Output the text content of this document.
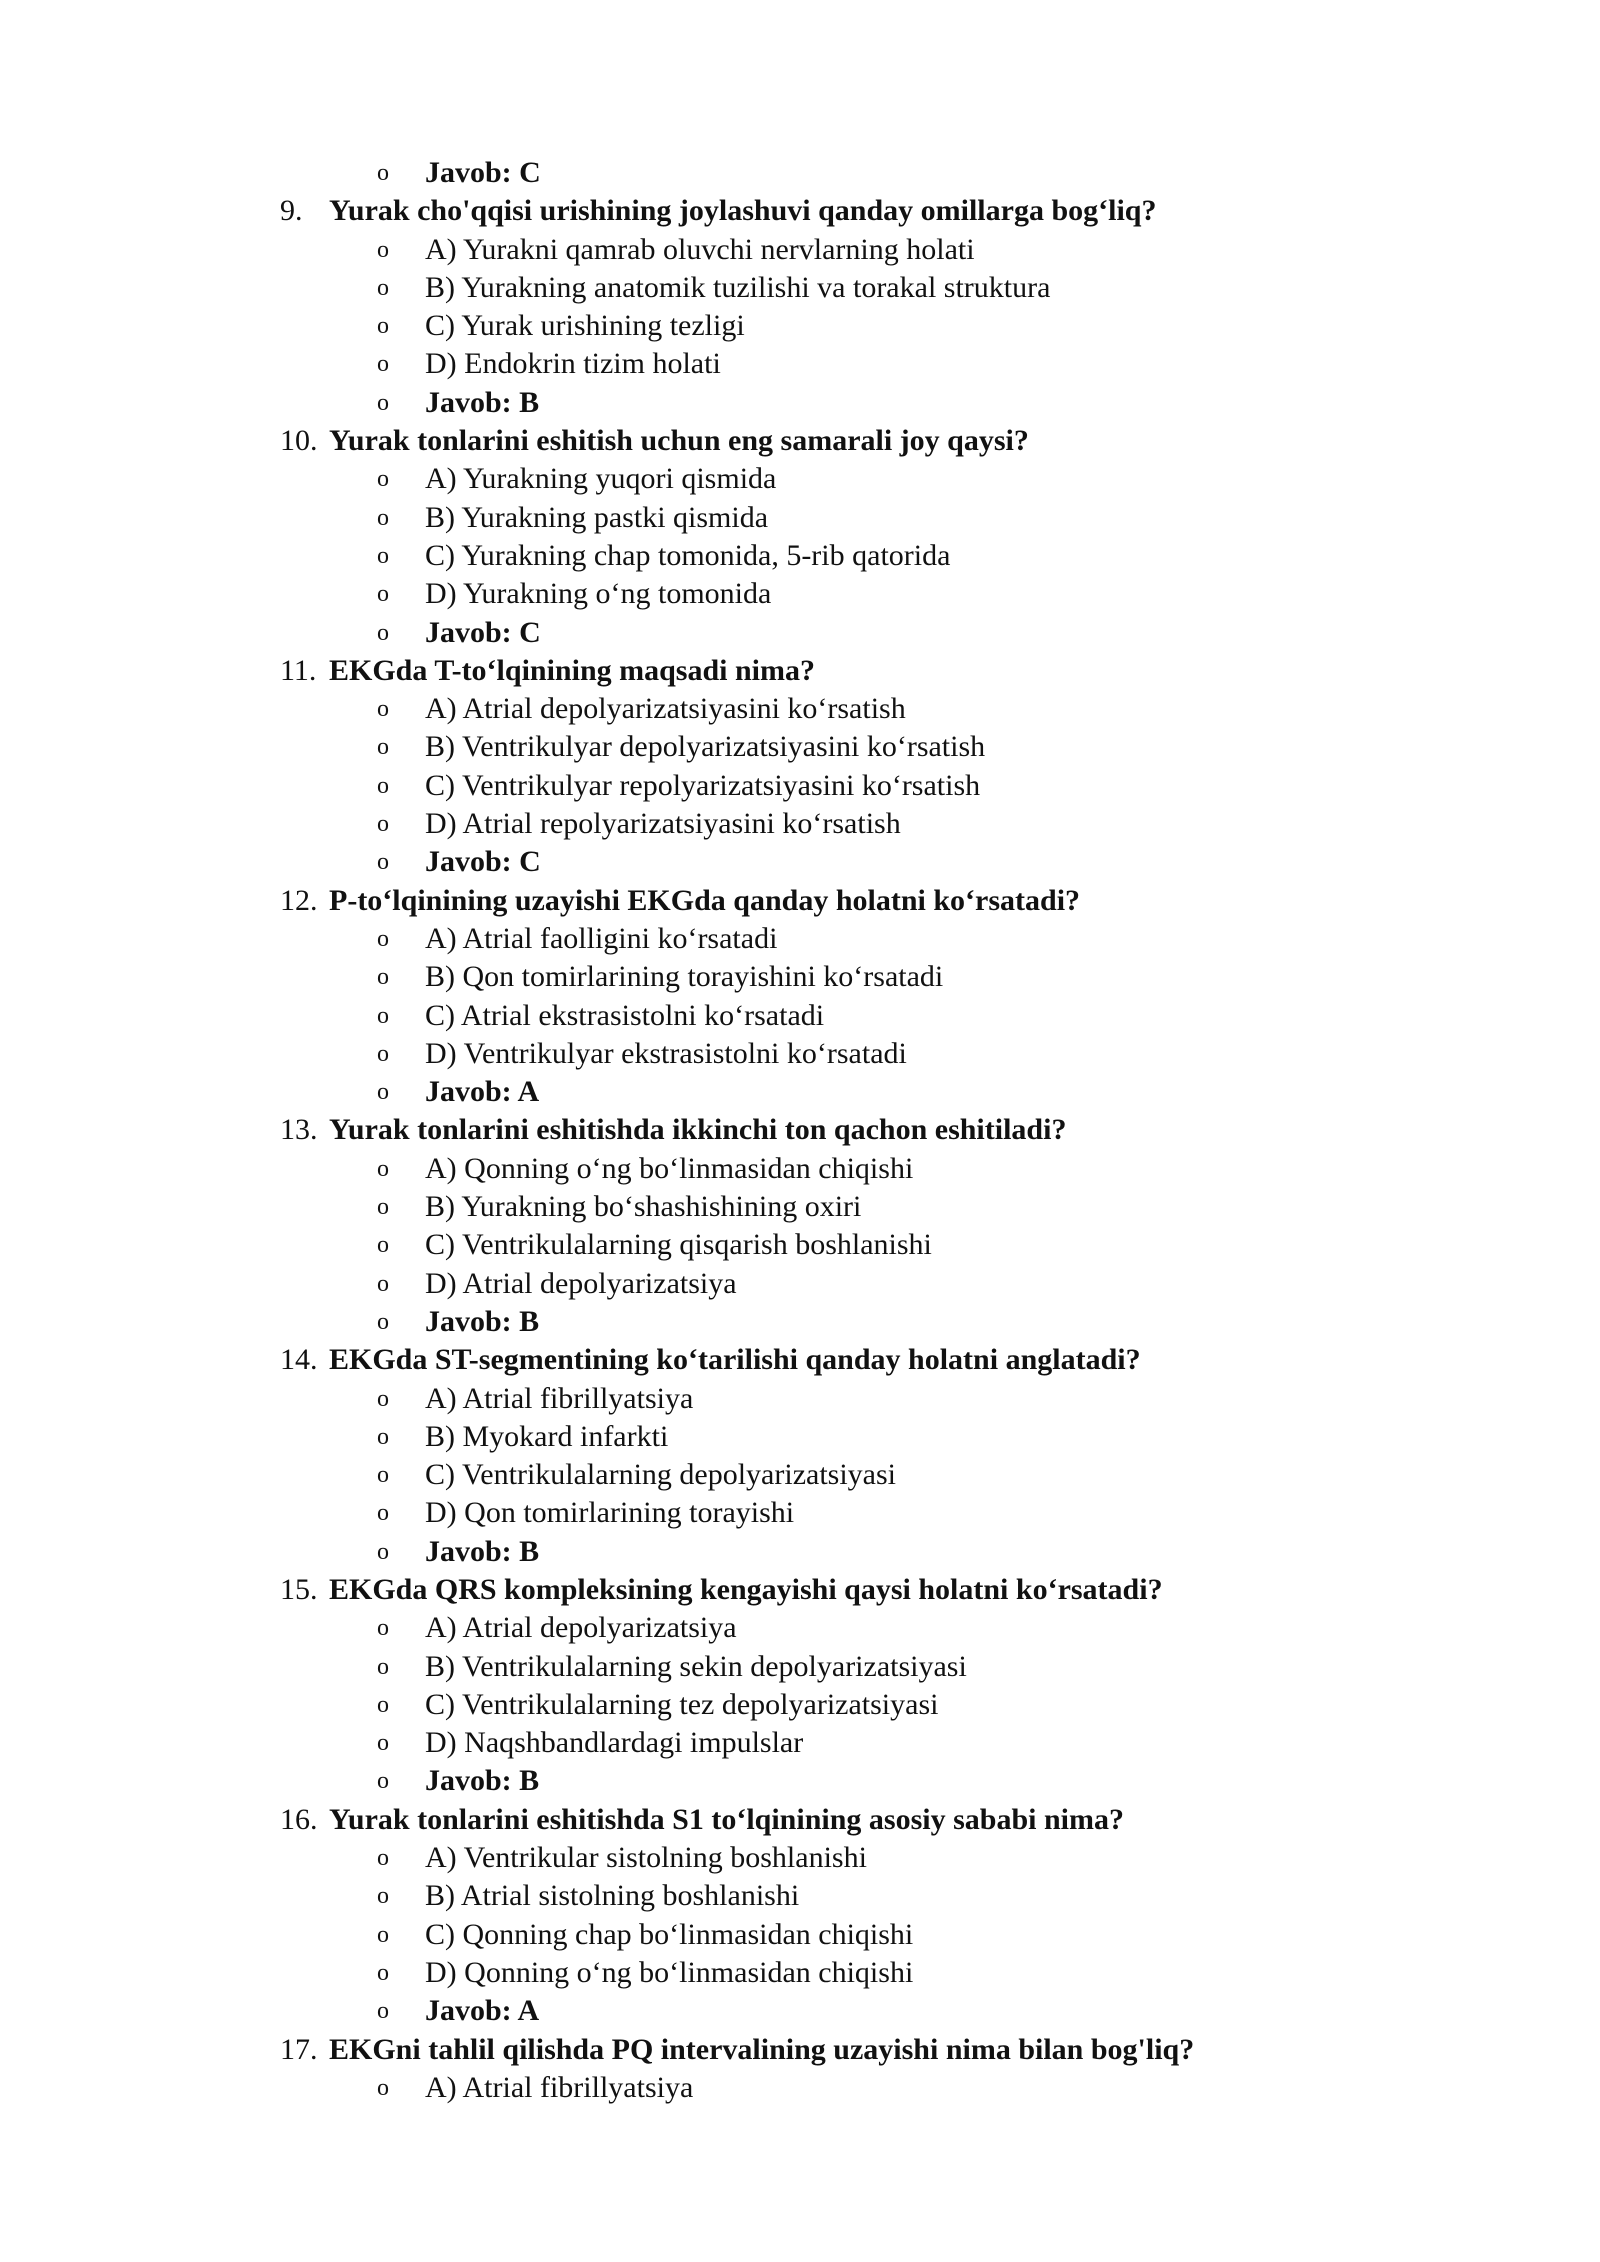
o Javob: C
9. Yurak cho'qqisi urishining joylashuvi qanday omillarga bog‘liq?
o A) Yurakni qamrab oluvchi nervlarning holati
o B) Yurakning anatomik tuzilishi va torakal struktura
o C) Yurak urishining tezligi
o D) Endokrin tizim holati
o Javob: B
10. Yurak tonlarini eshitish uchun eng samarali joy qaysi?
o A) Yurakning yuqori qismida
o B) Yurakning pastki qismida
o C) Yurakning chap tomonida, 5-rib qatorida
o D) Yurakning o‘ng tomonida
o Javob: C
11. EKGda T-to‘lqinining maqsadi nima?
o A) Atrial depolyarizatsiyasini ko‘rsatish
o B) Ventrikulyar depolyarizatsiyasini ko‘rsatish
o C) Ventrikulyar repolyarizatsiyasini ko‘rsatish
o D) Atrial repolyarizatsiyasini ko‘rsatish
o Javob: C
12. P-to‘lqinining uzayishi EKGda qanday holatni ko‘rsatadi?
o A) Atrial faolligini ko‘rsatadi
o B) Qon tomirlarining torayishini ko‘rsatadi
o C) Atrial ekstrasistolni ko‘rsatadi
o D) Ventrikulyar ekstrasistolni ko‘rsatadi
o Javob: A
13. Yurak tonlarini eshitishda ikkinchi ton qachon eshitiladi?
o A) Qonning o‘ng bo‘linmasidan chiqishi
o B) Yurakning bo‘shashishining oxiri
o C) Ventrikulalarning qisqarish boshlanishi
o D) Atrial depolyarizatsiya
o Javob: B
14. EKGda ST-segmentining ko‘tarilishi qanday holatni anglatadi?
o A) Atrial fibrillyatsiya
o B) Myokard infarkti
o C) Ventrikulalarning depolyarizatsiyasi
o D) Qon tomirlarining torayishi
o Javob: B
15. EKGda QRS kompleksining kengayishi qaysi holatni ko‘rsatadi?
o A) Atrial depolyarizatsiya
o B) Ventrikulalarning sekin depolyarizatsiyasi
o C) Ventrikulalarning tez depolyarizatsiyasi
o D) Naqshbandlardagi impulslar
o Javob: B
16. Yurak tonlarini eshitishda S1 to‘lqinining asosiy sababi nima?
o A) Ventrikular sistolning boshlanishi
o B) Atrial sistolning boshlanishi
o C) Qonning chap bo‘linmasidan chiqishi
o D) Qonning o‘ng bo‘linmasidan chiqishi
o Javob: A
17. EKGni tahlil qilishda PQ intervalining uzayishi nima bilan bog'liq?
o A) Atrial fibrillyatsiya
